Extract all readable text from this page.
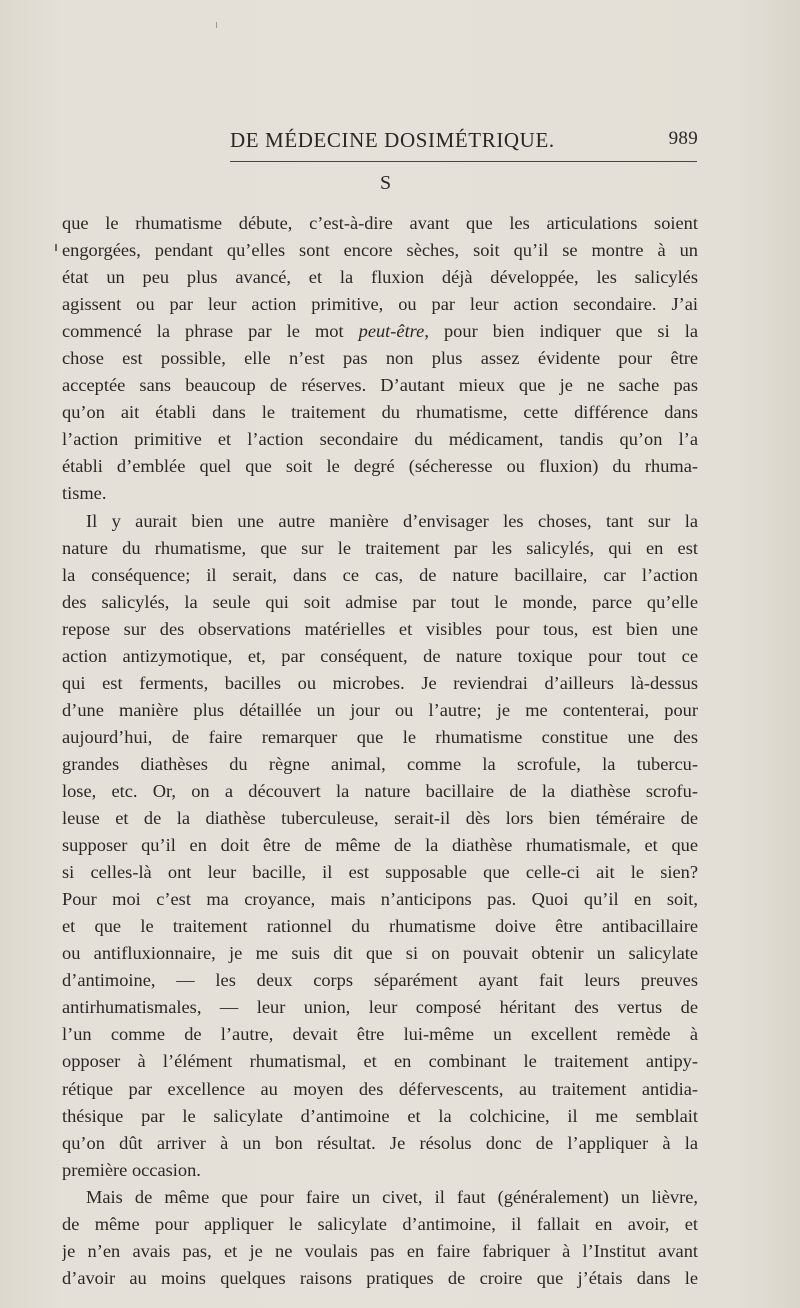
DE MÉDECINE DOSIMÉTRIQUE.	989
S
que le rhumatisme débute, c’est-à-dire avant que les articulations soient
engorgées, pendant qu’elles sont encore sèches, soit qu’il se montre à un
état un peu plus avancé, et la fluxion déjà développée, les salicylés
agissent ou par leur action primitive, ou par leur action secondaire. J’ai
commencé la phrase par le mot peut-être, pour bien indiquer que si la
chose est possible, elle n’est pas non plus assez évidente pour être
acceptée sans beaucoup de réserves. D’autant mieux que je ne sache pas
qu’on ait établi dans le traitement du rhumatisme, cette différence dans
l’action primitive et l’action secondaire du médicament, tandis qu’on l’a
établi d’emblée quel que soit le degré (sécheresse ou fluxion) du rhuma-
tisme.
Il y aurait bien une autre manière d’envisager les choses, tant sur la
nature du rhumatisme, que sur le traitement par les salicylés, qui en est
la conséquence; il serait, dans ce cas, de nature bacillaire, car l’action
des salicylés, la seule qui soit admise par tout le monde, parce qu’elle
repose sur des observations matérielles et visibles pour tous, est bien une
action antizymotique, et, par conséquent, de nature toxique pour tout ce
qui est ferments, bacilles ou microbes. Je reviendrai d’ailleurs là-dessus
d’une manière plus détaillée un jour ou l’autre; je me contenterai, pour
aujourd’hui, de faire remarquer que le rhumatisme constitue une des
grandes diathèses du règne animal, comme la scrofule, la tubercu-
lose, etc. Or, on a découvert la nature bacillaire de la diathèse scrofu-
leuse et de la diathèse tuberculeuse, serait-il dès lors bien téméraire de
supposer qu’il en doit être de même de la diathèse rhumatismale, et que
si celles-là ont leur bacille, il est supposable que celle-ci ait le sien?
Pour moi c’est ma croyance, mais n’anticipons pas. Quoi qu’il en soit,
et que le traitement rationnel du rhumatisme doive être antibacillaire
ou antifluxionnaire, je me suis dit que si on pouvait obtenir un salicylate
d’antimoine, — les deux corps séparément ayant fait leurs preuves
antirhumatismales, — leur union, leur composé héritant des vertus de
l’un comme de l’autre, devait être lui-même un excellent remède à
opposer à l’élément rhumatismal, et en combinant le traitement antipy-
rétique par excellence au moyen des défervescents, au traitement antidia-
thésique par le salicylate d’antimoine et la colchicine, il me semblait
qu’on dût arriver à un bon résultat. Je résolus donc de l’appliquer à la
première occasion.
Mais de même que pour faire un civet, il faut (généralement) un lièvre,
de même pour appliquer le salicylate d’antimoine, il fallait en avoir, et
je n’en avais pas, et je ne voulais pas en faire fabriquer à l’Institut avant
d’avoir au moins quelques raisons pratiques de croire que j’étais dans le
